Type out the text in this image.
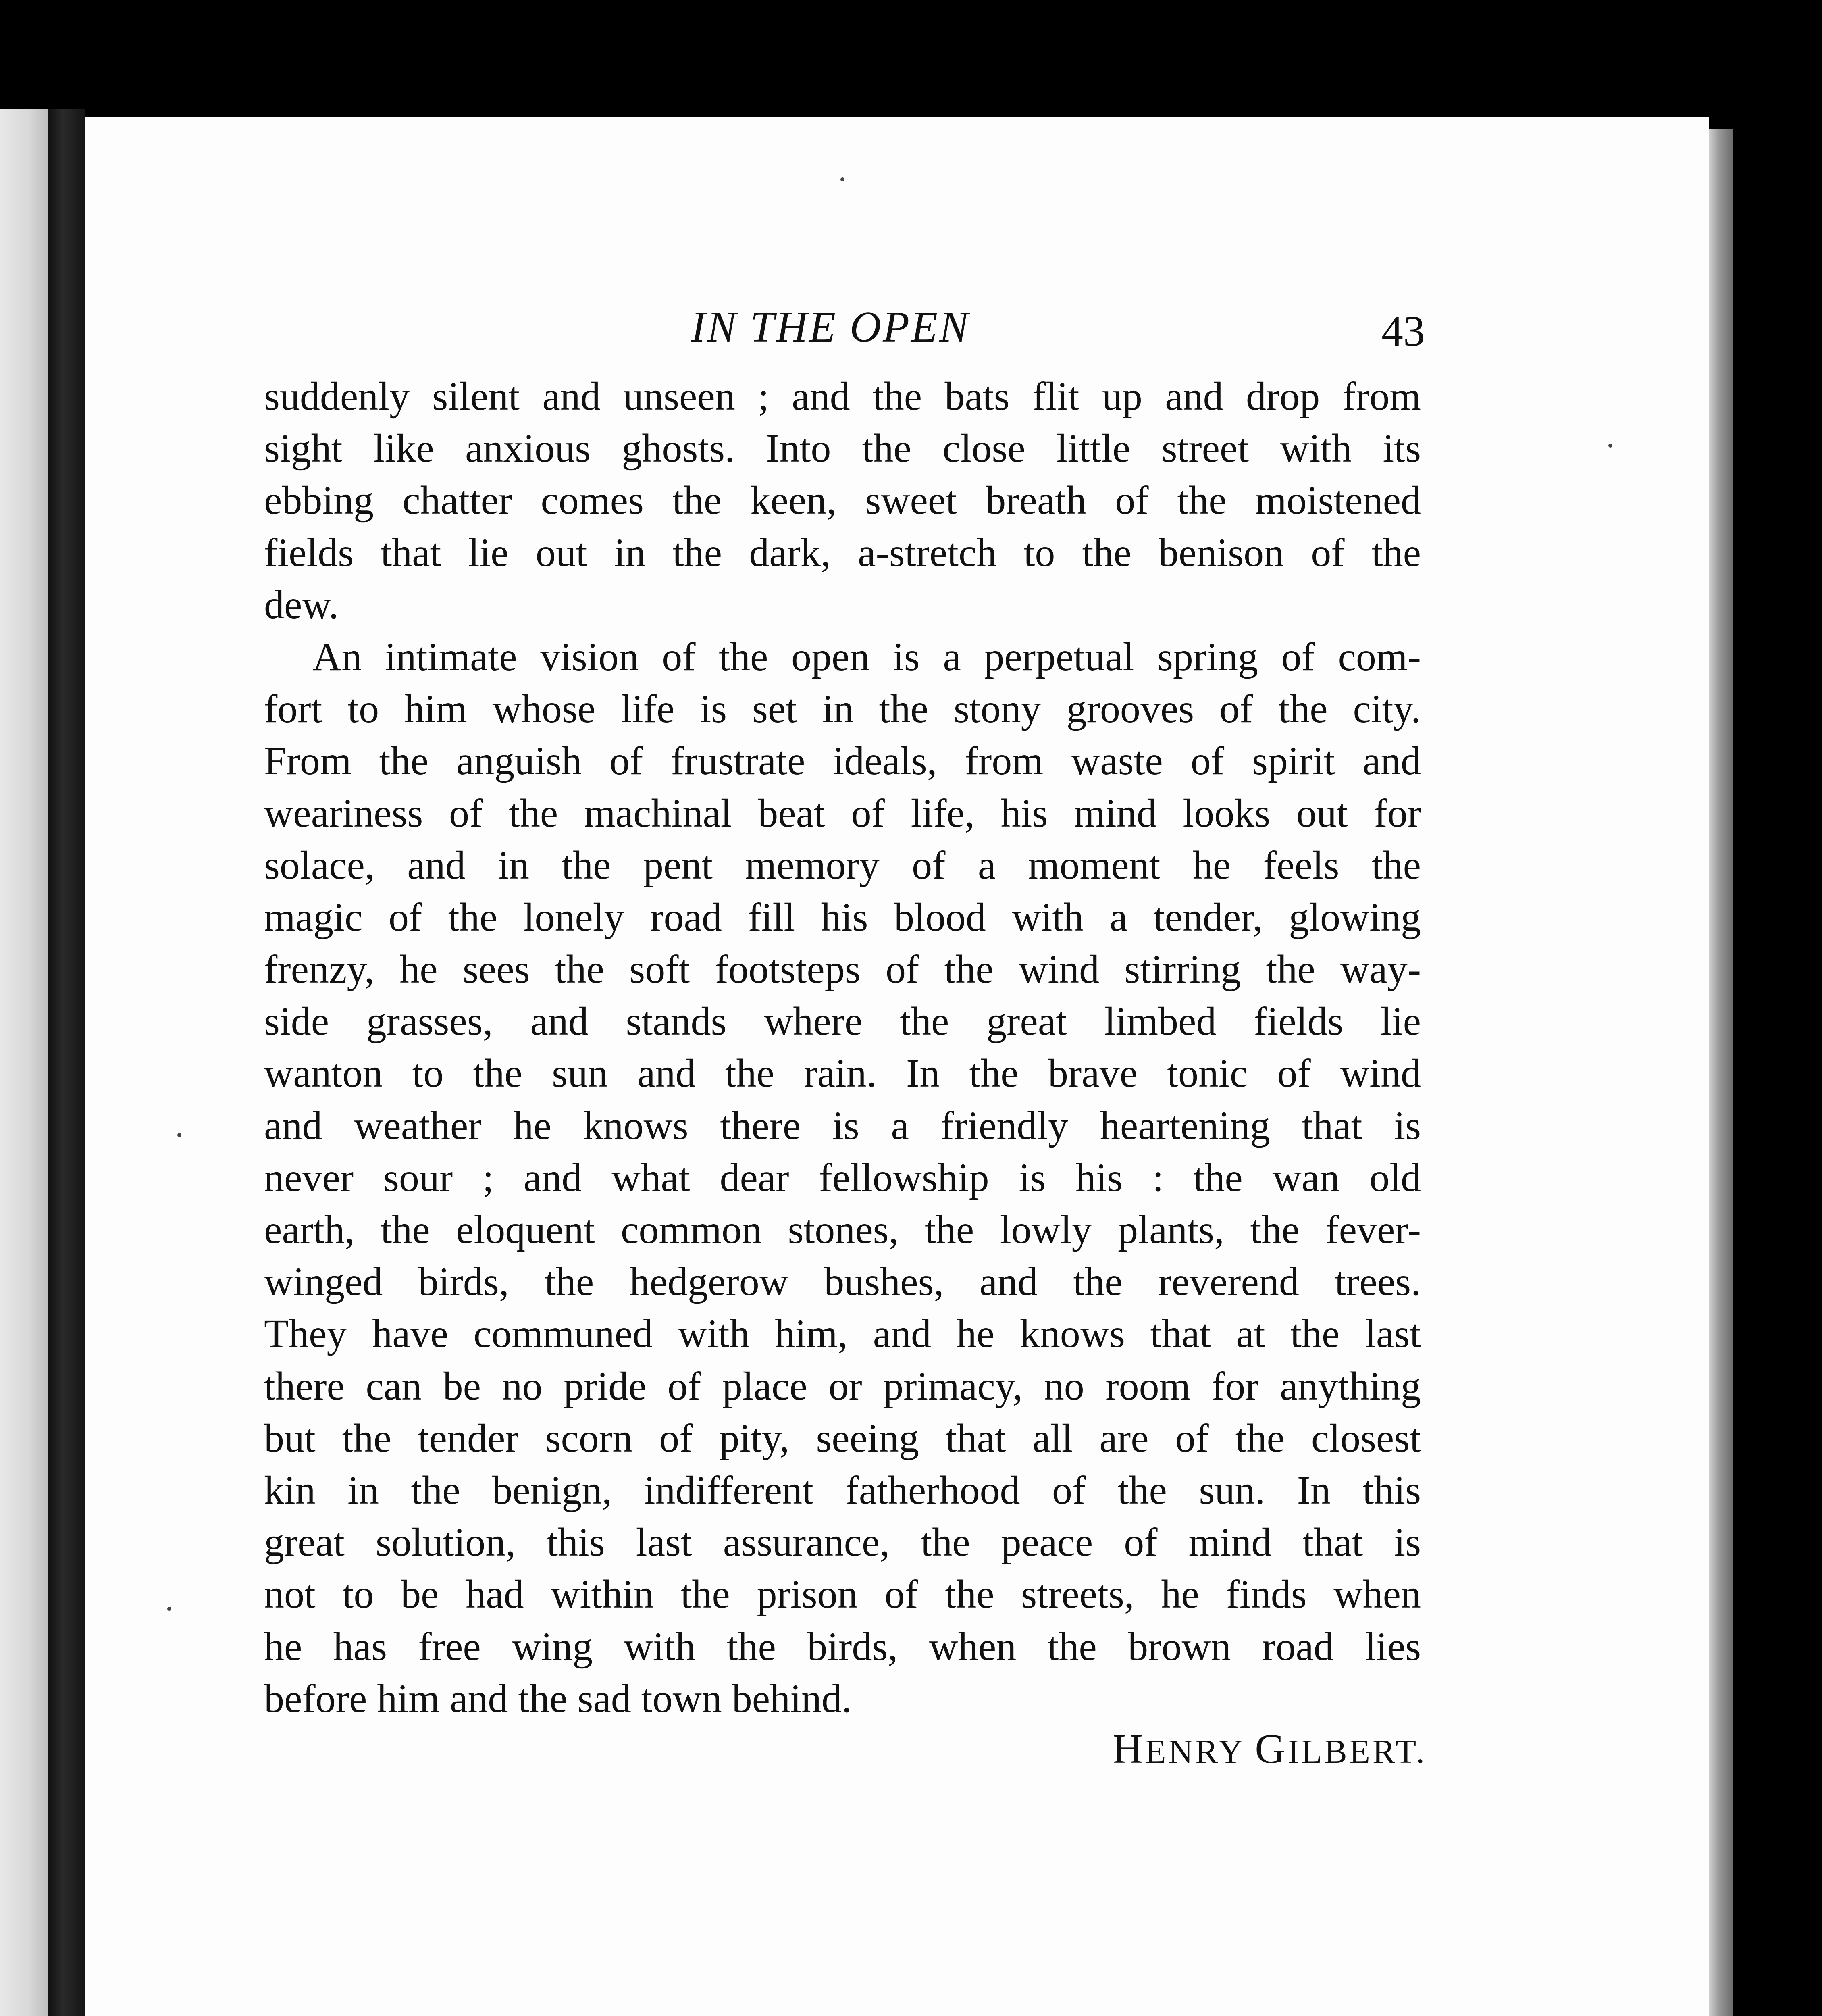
IN THE OPEN	43
suddenly silent and unseen ; and the bats flit up and drop from
sight like anxious ghosts. Into the close little street with its
ebbing chatter comes the keen, sweet breath of the moistened
fields that lie out in the dark, a-stretch to the benison of the
dew.
An intimate vision of the open is a perpetual spring of com-
fort to him whose life is set in the stony grooves of the city.
From the anguish of frustrate ideals, from waste of spirit and
weariness of the machinal beat of life, his mind looks out for
solace, and in the pent memory of a moment he feels the
magic of the lonely road fill his blood with a tender, glowing
frenzy, he sees the soft footsteps of the wind stirring the way-
side grasses, and stands where the great limbed fields lie
wanton to the sun and the rain. In the brave tonic of wind
and weather he knows there is a friendly heartening that is
never sour ; and what dear fellowship is his : the wan old
earth, the eloquent common stones, the lowly plants, the fever-
winged birds, the hedgerow bushes, and the reverend trees.
They have communed with him, and he knows that at the last
there can be no pride of place or primacy, no room for anything
but the tender scorn of pity, seeing that all are of the closest
kin in the benign, indifferent fatherhood of the sun. In this
great solution, this last assurance, the peace of mind that is
not to be had within the prison of the streets, he finds when
he has free wing with the birds, when the brown road lies
before him and the sad town behind.
HENRY GILBERT.
